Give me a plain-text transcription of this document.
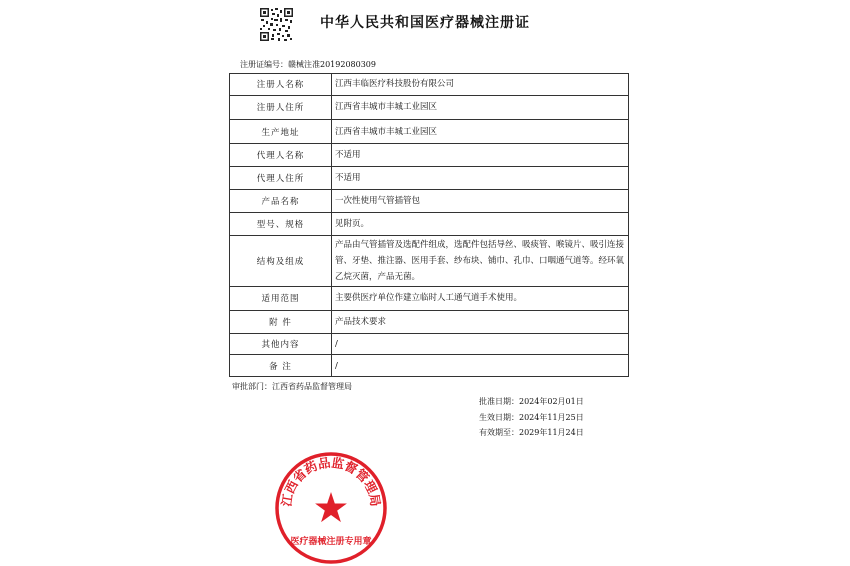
中华人民共和国医疗器械注册证
注册证编号：赣械注准20192080309
注册人名称	江西丰临医疗科技股份有限公司
注册人住所	江西省丰城市丰城工业园区
生产地址	江西省丰城市丰城工业园区
代理人名称	不适用
代理人住所	不适用
产品名称	一次性使用气管插管包
型号、规格	见附页。
结构及组成	产品由气管插管及选配件组成，选配件包括导丝、吸痰管、喉镜片、吸引连接管、牙垫、推注器、医用手套、纱布块、铺巾、孔巾、口咽通气道等。经环氧乙烷灭菌，产品无菌。
适用范围	主要供医疗单位作建立临时人工通气道手术使用。
附 件	产品技术要求
其他内容	/
备 注	/
审批部门：江西省药品监督管理局
批准日期：2024年02月01日
生效日期：2024年11月25日
有效期至：2029年11月24日
江西省药品监督管理局
医疗器械注册专用章
